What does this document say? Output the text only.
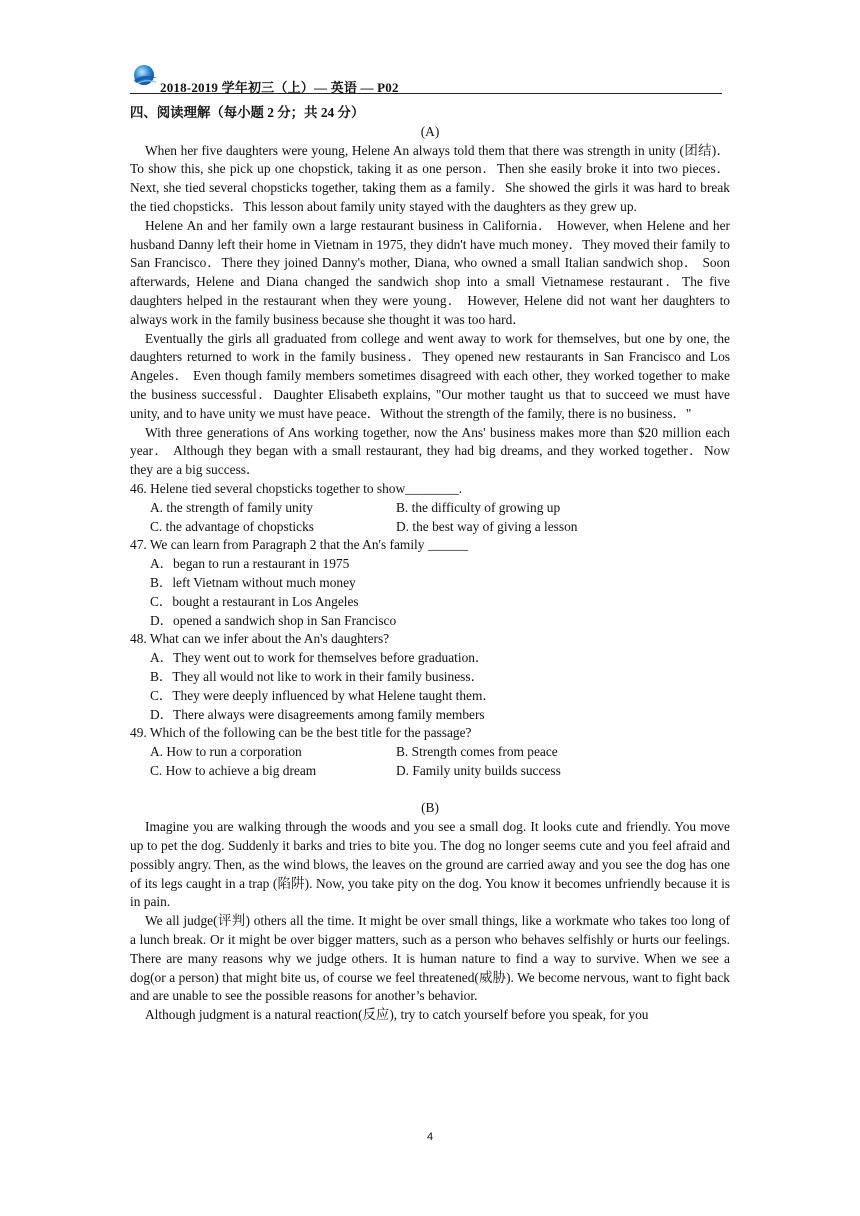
2018-2019 学年初三（上）— 英语 — P02

四、阅读理解（每小题 2 分；共 24 分）

(A)

When her five daughters were young, Helene An always told them that there was strength in unity (团结)．To show this, she pick up one chopstick, taking it as one person．Then she easily broke it into two pieces．Next, she tied several chopsticks together, taking them as a family．She showed the girls it was hard to break the tied chopsticks．This lesson about family unity stayed with the daughters as they grew up.

Helene An and her family own a large restaurant business in California． However, when Helene and her husband Danny left their home in Vietnam in 1975, they didn't have much money．They moved their family to San Francisco．There they joined Danny's mother, Diana, who owned a small Italian sandwich shop． Soon afterwards, Helene and Diana changed the sandwich shop into a small Vietnamese restaurant．The five daughters helped in the restaurant when they were young． However, Helene did not want her daughters to always work in the family business because she thought it was too hard．

Eventually the girls all graduated from college and went away to work for themselves, but one by one, the daughters returned to work in the family business．They opened new restaurants in San Francisco and Los Angeles． Even though family members sometimes disagreed with each other, they worked together to make the business successful．Daughter Elisabeth explains, "Our mother taught us that to succeed we must have unity, and to have unity we must have peace．Without the strength of the family, there is no business．"

With three generations of Ans working together, now the Ans' business makes more than $20 million each year． Although they began with a small restaurant, they had big dreams, and they worked together．Now they are a big success．

46. Helene tied several chopsticks together to show________.

A. the strength of family unity	B. the difficulty of growing up
C. the advantage of chopsticks	D. the best way of giving a lesson

47. We can learn from Paragraph 2 that the An's family ______

A．began to run a restaurant in 1975

B．left Vietnam without much money

C．bought a restaurant in Los Angeles

D．opened a sandwich shop in San Francisco

48. What can we infer about the An's daughters?

A．They went out to work for themselves before graduation．

B．They all would not like to work in their family business．

C．They were deeply influenced by what Helene taught them．

D．There always were disagreements among family members

49. Which of the following can be the best title for the passage?

A. How to run a corporation	B. Strength comes from peace
C. How to achieve a big dream	D. Family unity builds success

(B)

Imagine you are walking through the woods and you see a small dog. It looks cute and friendly. You move up to pet the dog. Suddenly it barks and tries to bite you. The dog no longer seems cute and you feel afraid and possibly angry. Then, as the wind blows, the leaves on the ground are carried away and you see the dog has one of its legs caught in a trap (陷阱). Now, you take pity on the dog. You know it becomes unfriendly because it is in pain.

We all judge(评判) others all the time. It might be over small things, like a workmate who takes too long of a lunch break. Or it might be over bigger matters, such as a person who behaves selfishly or hurts our feelings. There are many reasons why we judge others. It is human nature to find a way to survive. When we see a dog(or a person) that might bite us, of course we feel threatened(威胁). We become nervous, want to fight back and are unable to see the possible reasons for another’s behavior.

Although judgment is a natural reaction(反应), try to catch yourself before you speak, for you

4
